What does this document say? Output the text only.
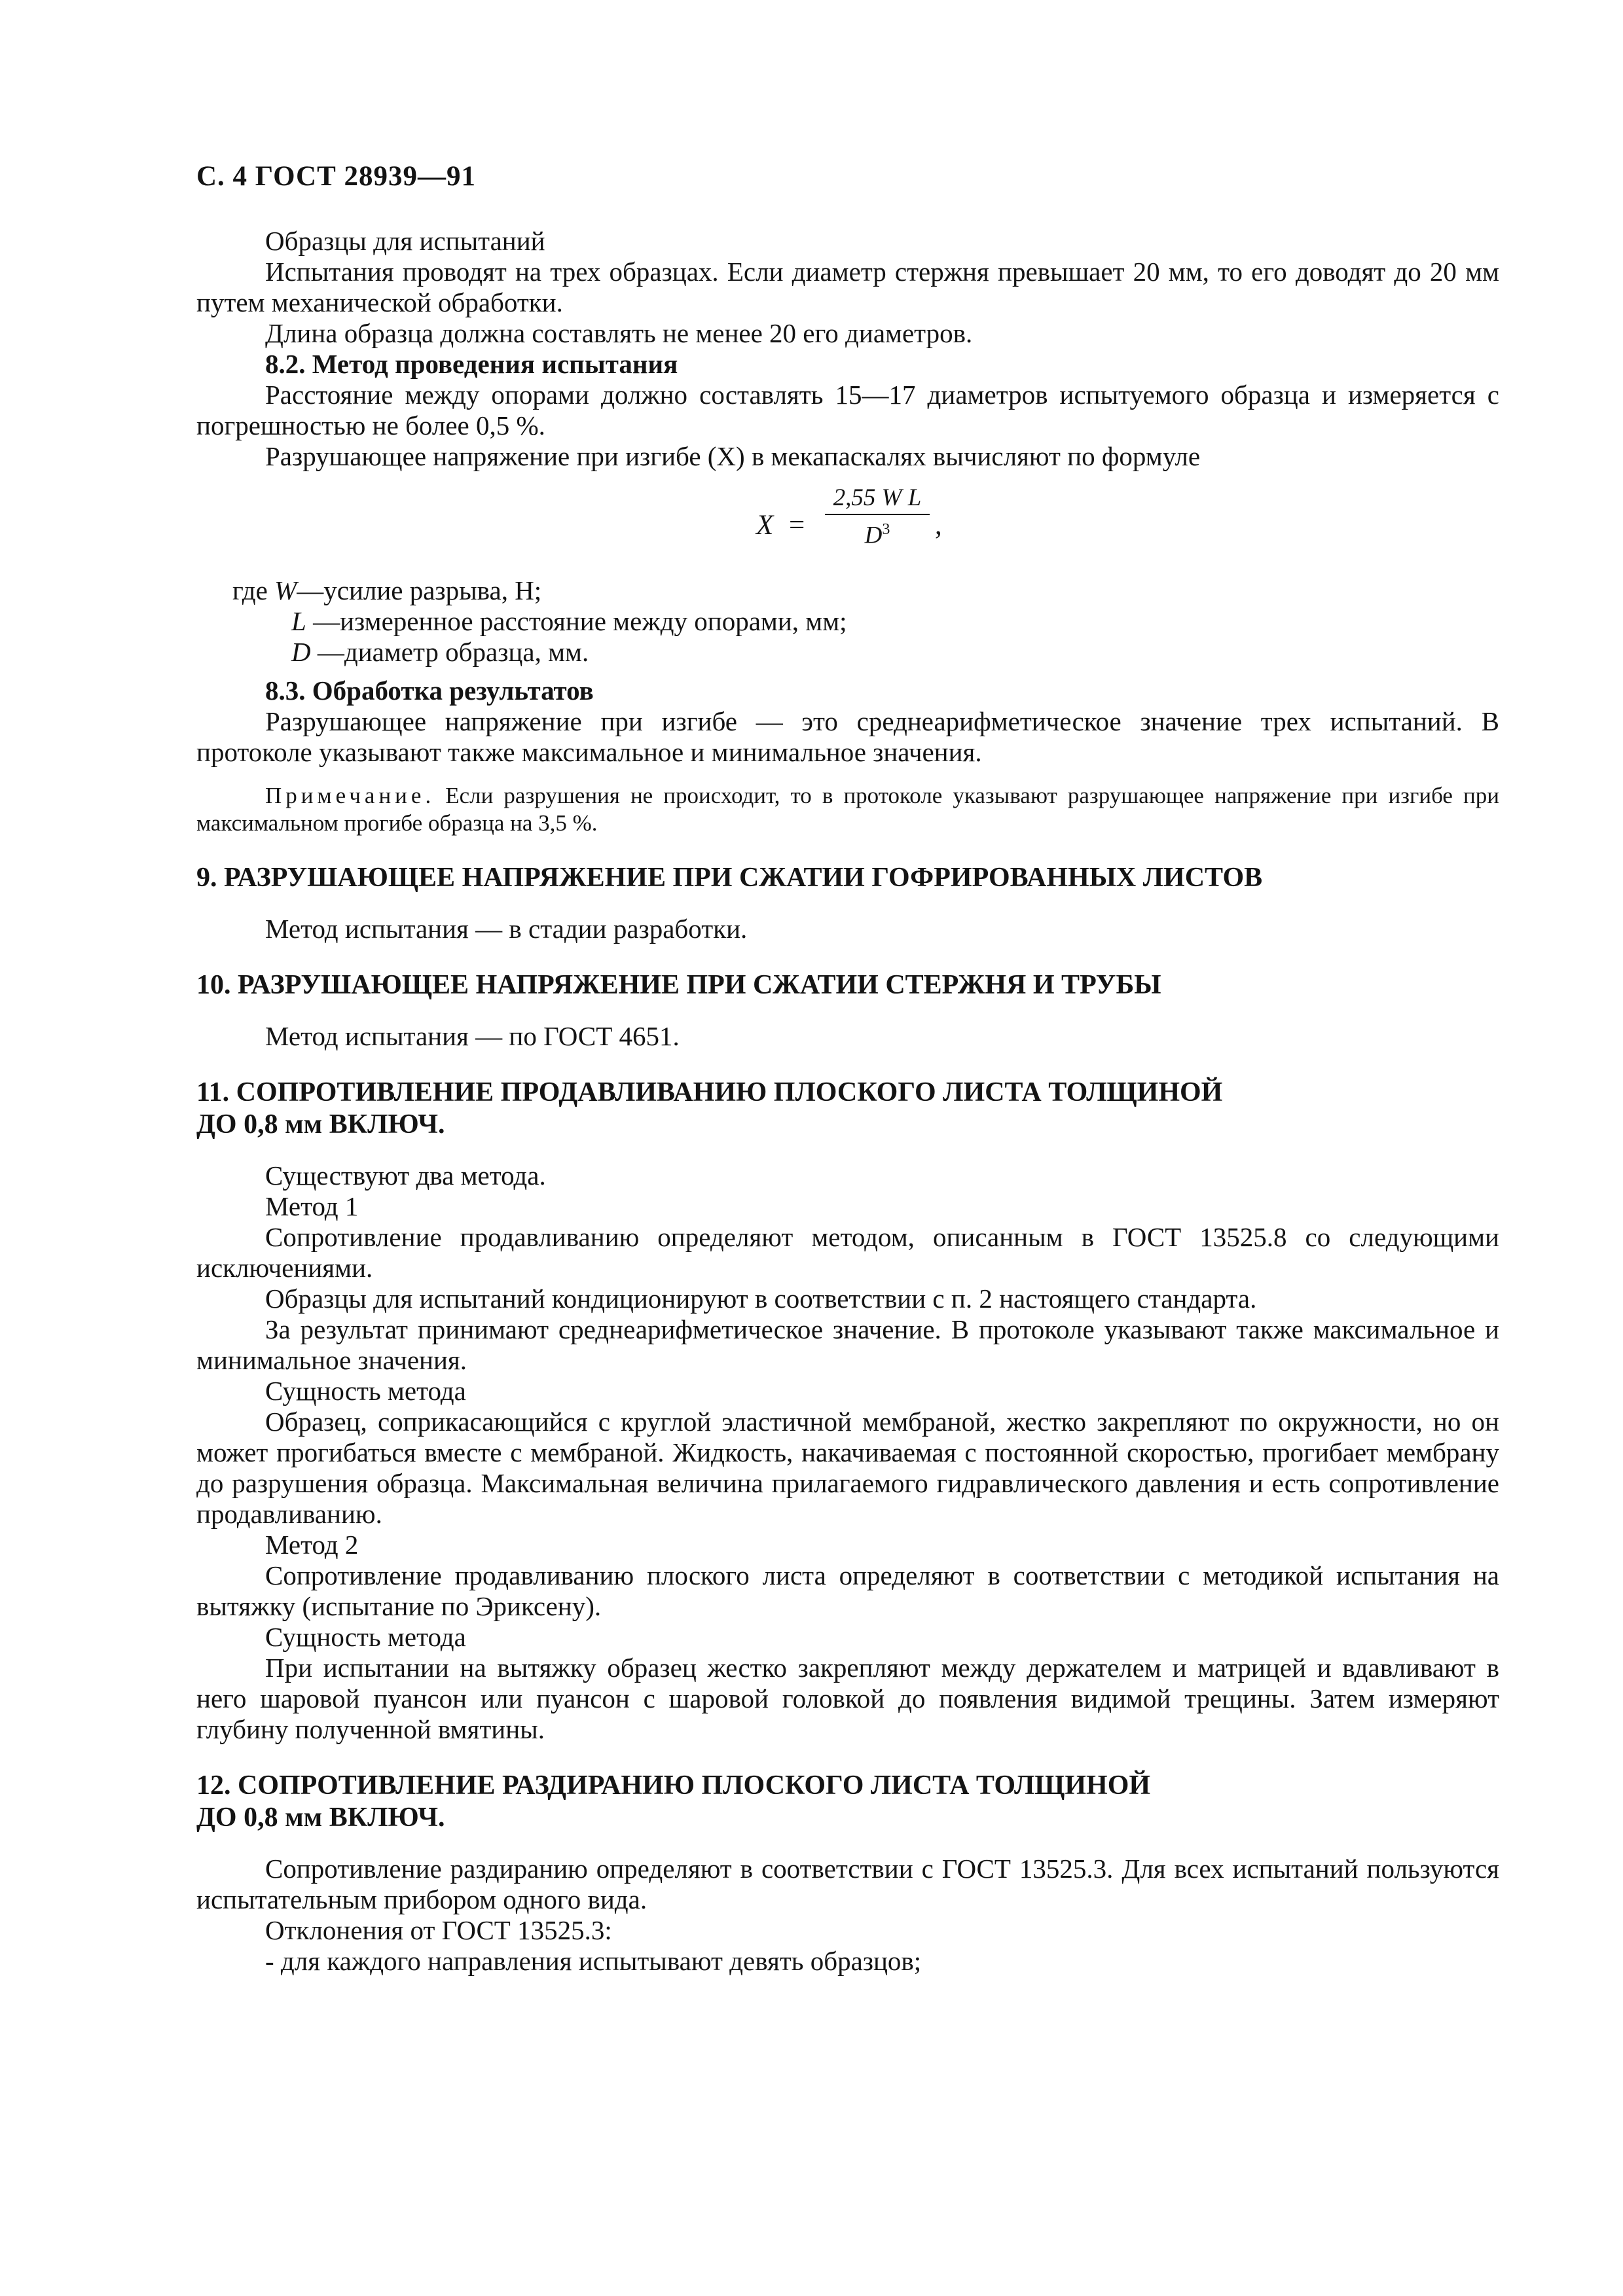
С. 4 ГОСТ 28939—91

Образцы для испытаний

Испытания проводят на трех образцах. Если диаметр стержня превышает 20 мм, то его доводят до 20 мм путем механической обработки.

Длина образца должна составлять не менее 20 его диаметров.

8.2. Метод проведения испытания

Расстояние между опорами должно составлять 15—17 диаметров испытуемого образца и измеряется с погрешностью не более 0,5 %.

Разрушающее напряжение при изгибе (X) в мекапаскалях вычисляют по формуле

$X = \frac{\text{2,55 W L}}{D^3}$ ,

где W—усилие разрыва, Н;

L —измеренное расстояние между опорами, мм;

D —диаметр образца, мм.

8.3. Обработка результатов

Разрушающее напряжение при изгибе — это среднеарифметическое значение трех испытаний. В протоколе указывают также максимальное и минимальное значения.

Примечание. Если разрушения не происходит, то в протоколе указывают разрушающее напряжение при изгибе при максимальном прогибе образца на 3,5 %.

9. РАЗРУШАЮЩЕЕ НАПРЯЖЕНИЕ ПРИ СЖАТИИ ГОФРИРОВАННЫХ ЛИСТОВ

Метод испытания — в стадии разработки.

10. РАЗРУШАЮЩЕЕ НАПРЯЖЕНИЕ ПРИ СЖАТИИ СТЕРЖНЯ И ТРУБЫ

Метод испытания — по ГОСТ 4651.

11. СОПРОТИВЛЕНИЕ ПРОДАВЛИВАНИЮ ПЛОСКОГО ЛИСТА ТОЛЩИНОЙ
ДО 0,8 мм ВКЛЮЧ.

Существуют два метода.

Метод 1

Сопротивление продавливанию определяют методом, описанным в ГОСТ 13525.8 со следующими исключениями.

Образцы для испытаний кондиционируют в соответствии с п. 2 настоящего стандарта.

За результат принимают среднеарифметическое значение. В протоколе указывают также максимальное и минимальное значения.

Сущность метода

Образец, соприкасающийся с круглой эластичной мембраной, жестко закрепляют по окружности, но он может прогибаться вместе с мембраной. Жидкость, накачиваемая с постоянной скоростью, прогибает мембрану до разрушения образца. Максимальная величина прилагаемого гидравлического давления и есть сопротивление продавливанию.

Метод 2

Сопротивление продавливанию плоского листа определяют в соответствии с методикой испытания на вытяжку (испытание по Эриксену).

Сущность метода

При испытании на вытяжку образец жестко закрепляют между держателем и матрицей и вдавливают в него шаровой пуансон или пуансон с шаровой головкой до появления видимой трещины. Затем измеряют глубину полученной вмятины.

12. СОПРОТИВЛЕНИЕ РАЗДИРАНИЮ ПЛОСКОГО ЛИСТА ТОЛЩИНОЙ
ДО 0,8 мм ВКЛЮЧ.

Сопротивление раздиранию определяют в соответствии с ГОСТ 13525.3. Для всех испытаний пользуются испытательным прибором одного вида.

Отклонения от ГОСТ 13525.3:

- для каждого направления испытывают девять образцов;
